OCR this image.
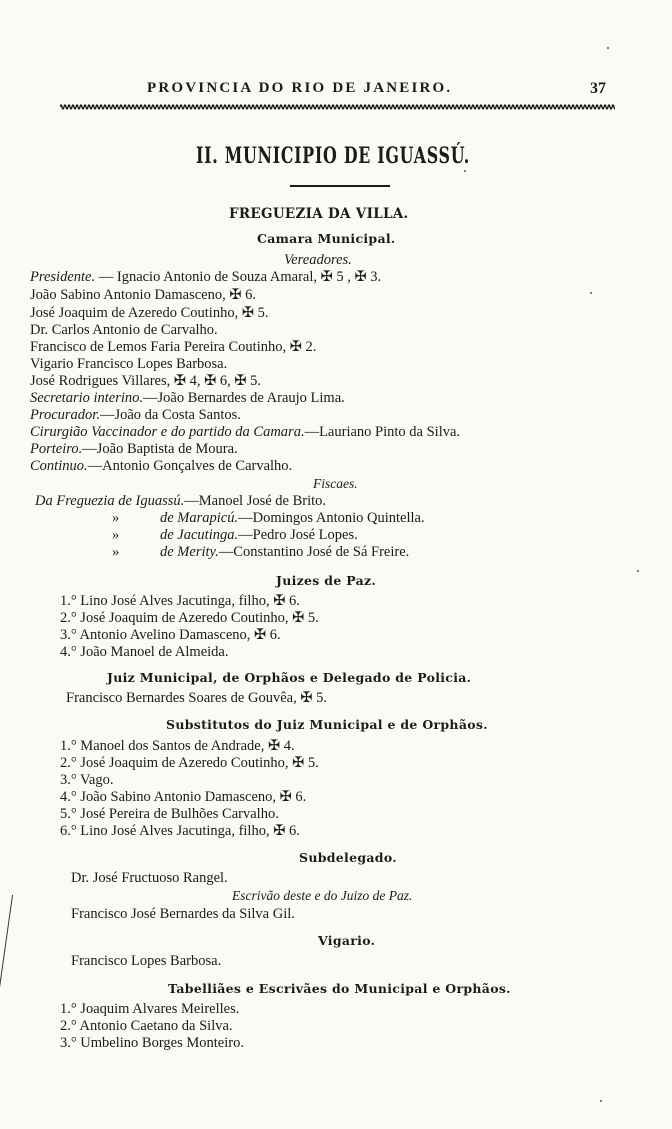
PROVINCIA DO RIO DE JANEIRO.	37
II. MUNICIPIO DE IGUASSÚ.
FREGUEZIA DA VILLA.
Camara Municipal.
Vereadores.
Presidente. — Ignacio Antonio de Souza Amaral, ✠ 5 , ✠ 3.
João Sabino Antonio Damasceno, ✠ 6.
José Joaquim de Azeredo Coutinho, ✠ 5.
Dr. Carlos Antonio de Carvalho.
Francisco de Lemos Faria Pereira Coutinho, ✠ 2.
Vigario Francisco Lopes Barbosa.
José Rodrigues Villares, ✠ 4, ✠ 6, ✠ 5.
Secretario interino.—João Bernardes de Araujo Lima.
Procurador.—João da Costa Santos.
Cirurgião Vaccinador e do partido da Camara.—Lauriano Pinto da Silva.
Porteiro.—João Baptista de Moura.
Continuo.—Antonio Gonçalves de Carvalho.
Fiscaes.
Da Freguezia de Iguassú.—Manoel José de Brito.
»	de Marapicú.—Domingos Antonio Quintella.
»	de Jacutinga.—Pedro José Lopes.
»	de Merity.—Constantino José de Sá Freire.
Juizes de Paz.
1.° Lino José Alves Jacutinga, filho, ✠ 6.
2.° José Joaquim de Azeredo Coutinho, ✠ 5.
3.° Antonio Avelino Damasceno, ✠ 6.
4.° João Manoel de Almeida.
Juiz Municipal, de Orphãos e Delegado de Policia.
Francisco Bernardes Soares de Gouvêa, ✠ 5.
Substitutos do Juiz Municipal e de Orphãos.
1.° Manoel dos Santos de Andrade, ✠ 4.
2.° José Joaquim de Azeredo Coutinho, ✠ 5.
3.° Vago.
4.° João Sabino Antonio Damasceno, ✠ 6.
5.° José Pereira de Bulhões Carvalho.
6.° Lino José Alves Jacutinga, filho, ✠ 6.
Subdelegado.
Dr. José Fructuoso Rangel.
Escrivão deste e do Juizo de Paz.
Francisco José Bernardes da Silva Gil.
Vigario.
Francisco Lopes Barbosa.
Tabelliães e Escrivães do Municipal e Orphãos.
1.° Joaquim Alvares Meirelles.
2.° Antonio Caetano da Silva.
3.° Umbelino Borges Monteiro.
